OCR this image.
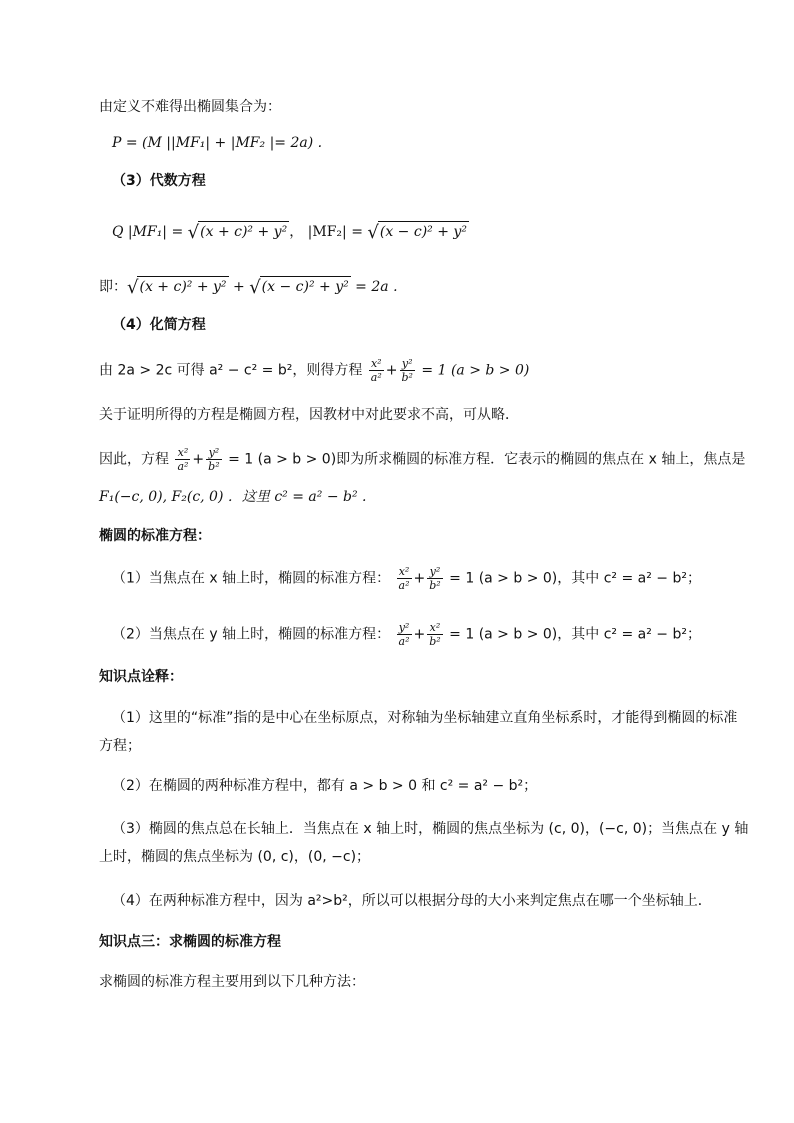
由定义不难得出椭圆集合为：
P = (M ||MF₁| + |MF₂ |= 2a) .
（3）代数方程
Q |MF₁| = √(x + c)² + y² ， |MF₂| = √(x − c)² + y²
即：√(x + c)² + y² + √(x − c)² + y² = 2a .
（4）化简方程
由 2a > 2c 可得 a² − c² = b²，则得方程 $\frac{\text{x²}}{\text{a²}} + \frac{\text{y²}}{\text{b²}} = 1$ (a > b > 0)
关于证明所得的方程是椭圆方程，因教材中对此要求不高，可从略．
因此，方程 $\frac{\text{x²}}{\text{a²}} + \frac{\text{y²}}{\text{b²}} = 1$ (a > b > 0)即为所求椭圆的标准方程．它表示的椭圆的焦点在 x 轴上，焦点是
F₁(−c, 0), F₂(c, 0) ．这里 c² = a² − b² .
椭圆的标准方程：
（1）当焦点在 x 轴上时，椭圆的标准方程： $\frac{\text{x²}}{\text{a²}} + \frac{\text{y²}}{\text{b²}} = 1$ (a > b > 0)，其中 c² = a² − b²；
（2）当焦点在 y 轴上时，椭圆的标准方程： $\frac{\text{y²}}{\text{a²}} + \frac{\text{x²}}{\text{b²}} = 1$ (a > b > 0)，其中 c² = a² − b²；
知识点诠释：
（1）这里的“标准”指的是中心在坐标原点，对称轴为坐标轴建立直角坐标系时，才能得到椭圆的标准
方程；
（2）在椭圆的两种标准方程中，都有 a > b > 0 和 c² = a² − b²；
（3）椭圆的焦点总在长轴上．当焦点在 x 轴上时，椭圆的焦点坐标为 (c, 0)，(−c, 0)；当焦点在 y 轴
上时，椭圆的焦点坐标为 (0, c)，(0, −c)；
（4）在两种标准方程中，因为 a²>b²，所以可以根据分母的大小来判定焦点在哪一个坐标轴上．
知识点三：求椭圆的标准方程
求椭圆的标准方程主要用到以下几种方法：
